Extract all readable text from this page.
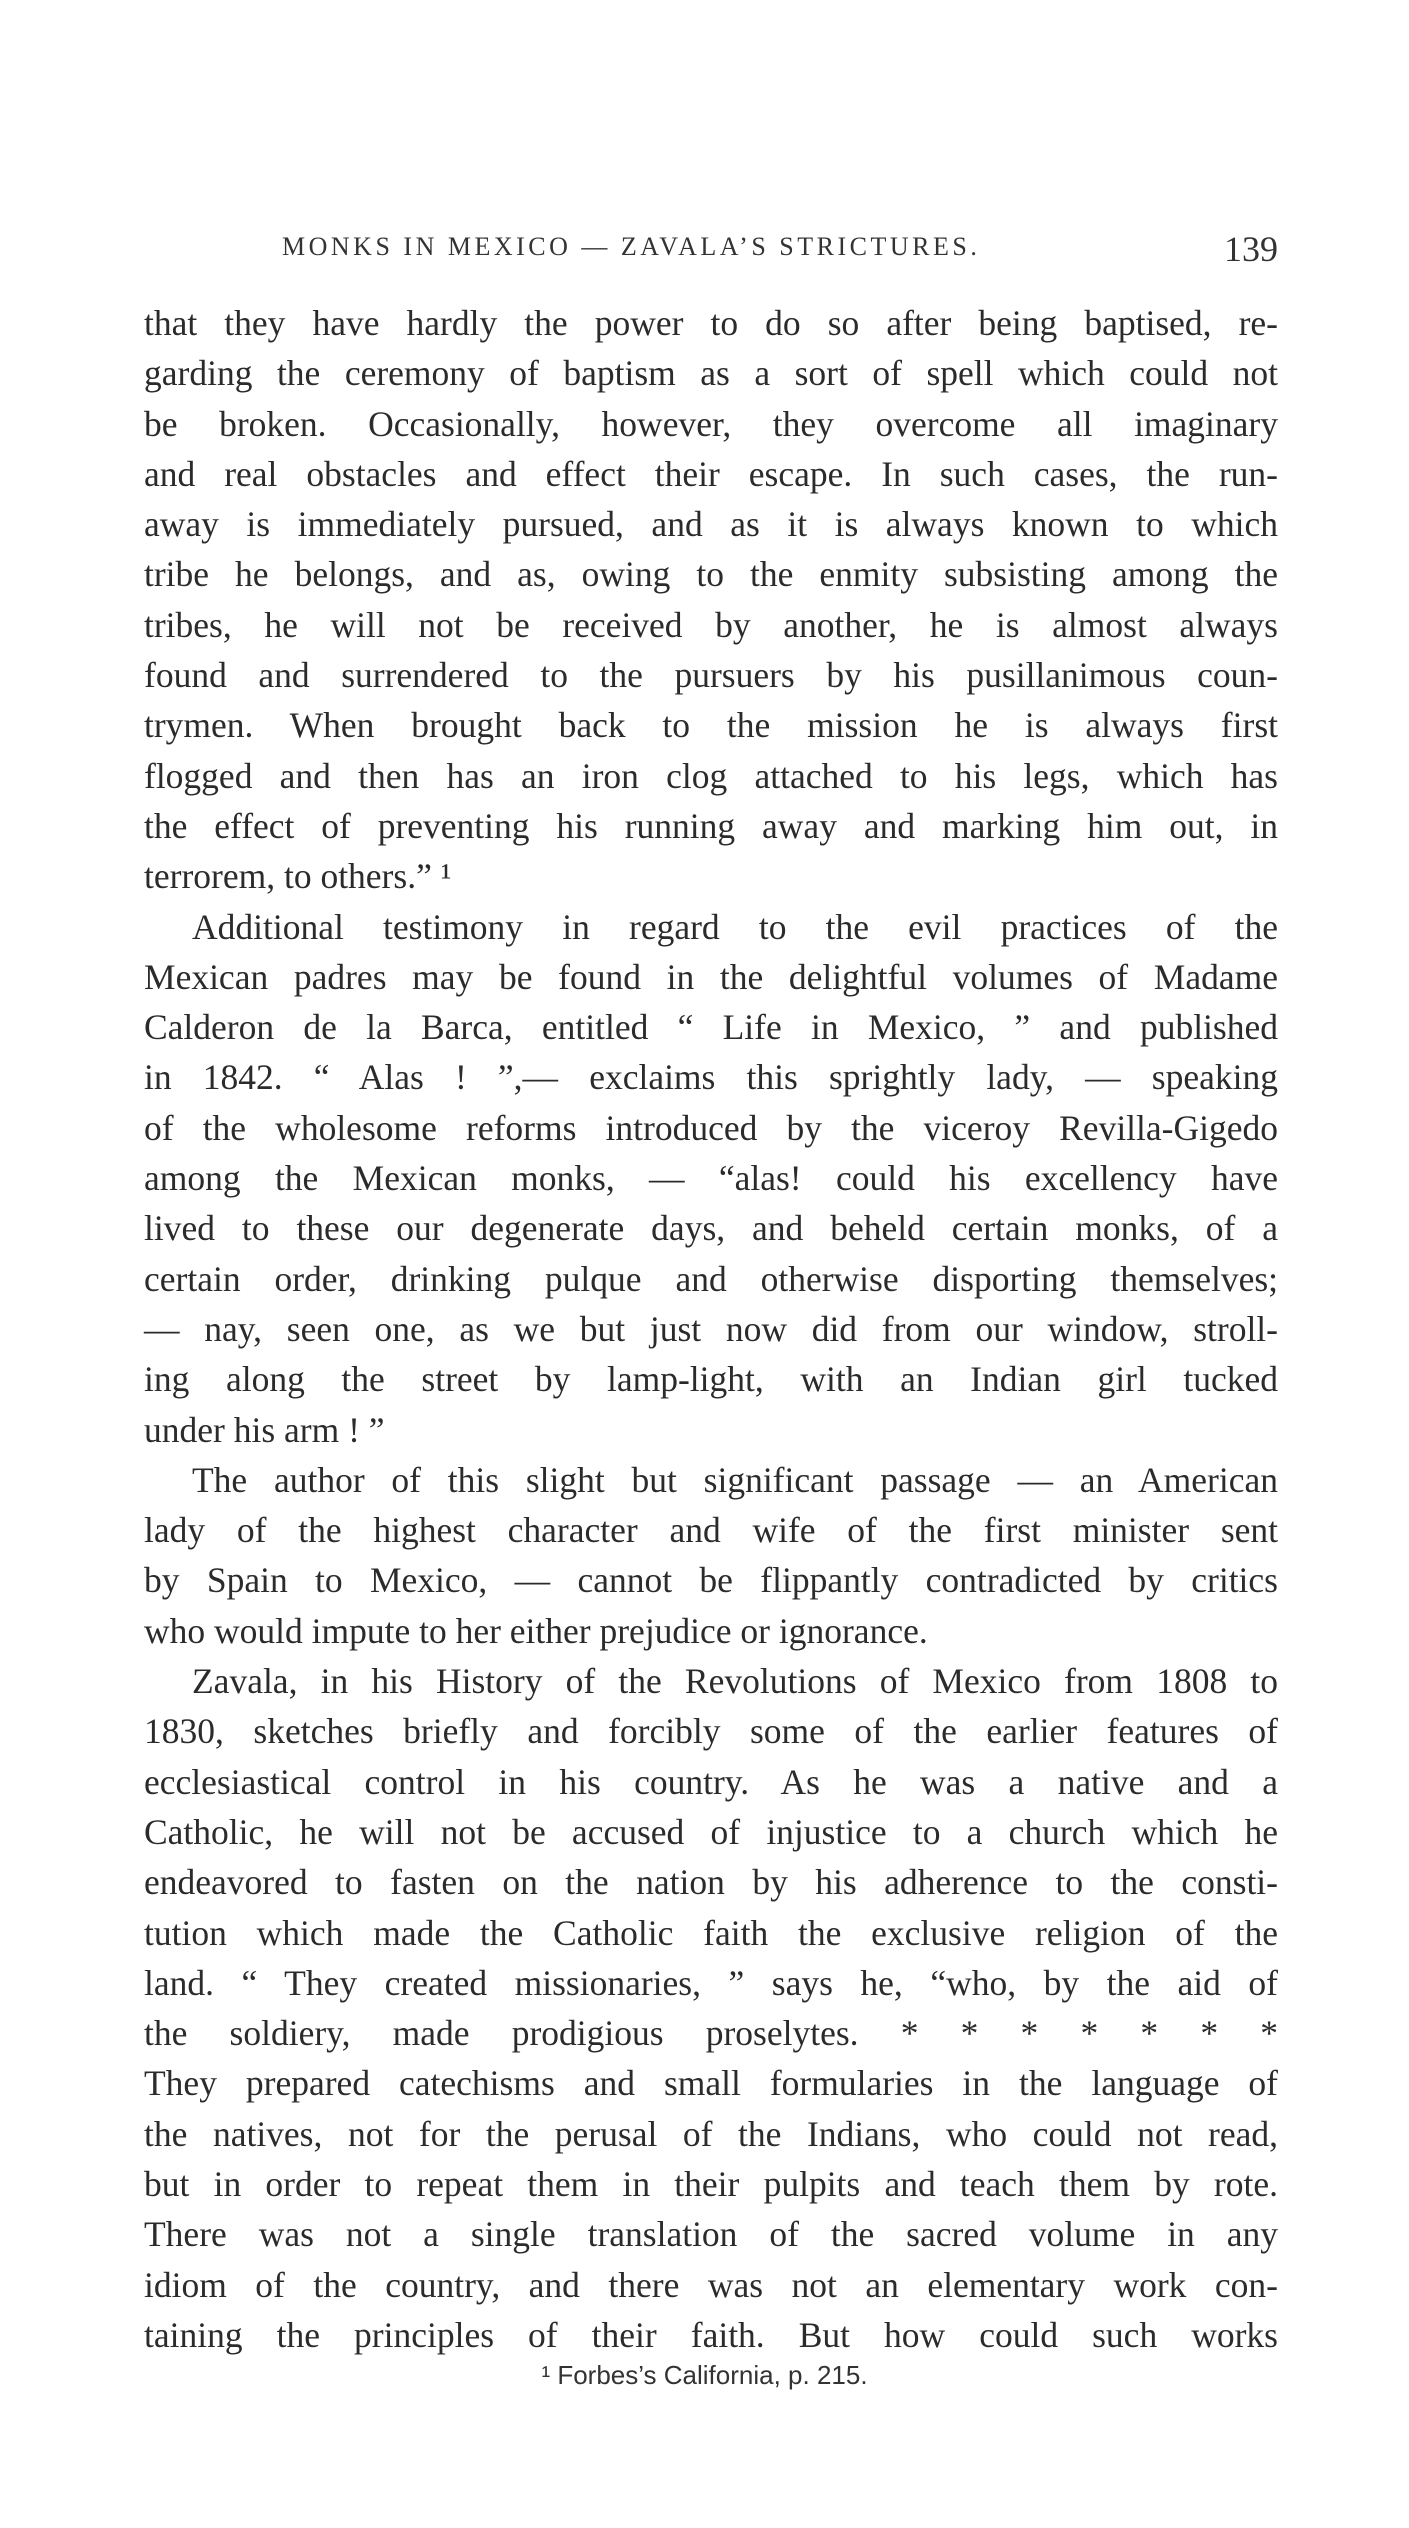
MONKS IN MEXICO — ZAVALA’S STRICTURES.	139
that they have hardly the power to do so after being baptised, re-
garding the ceremony of baptism as a sort of spell which could not
be broken. Occasionally, however, they overcome all imaginary
and real obstacles and effect their escape. In such cases, the run-
away is immediately pursued, and as it is always known to which
tribe he belongs, and as, owing to the enmity subsisting among the
tribes, he will not be received by another, he is almost always
found and surrendered to the pursuers by his pusillanimous coun-
trymen. When brought back to the mission he is always first
flogged and then has an iron clog attached to his legs, which has
the effect of preventing his running away and marking him out, in
terrorem, to others.” ¹
Additional testimony in regard to the evil practices of the
Mexican padres may be found in the delightful volumes of Madame
Calderon de la Barca, entitled “ Life in Mexico, ” and published
in 1842. “ Alas ! ”,— exclaims this sprightly lady, — speaking
of the wholesome reforms introduced by the viceroy Revilla-Gigedo
among the Mexican monks, — “alas! could his excellency have
lived to these our degenerate days, and beheld certain monks, of a
certain order, drinking pulque and otherwise disporting themselves;
— nay, seen one, as we but just now did from our window, stroll-
ing along the street by lamp-light, with an Indian girl tucked
under his arm ! ”
The author of this slight but significant passage — an American
lady of the highest character and wife of the first minister sent
by Spain to Mexico, — cannot be flippantly contradicted by critics
who would impute to her either prejudice or ignorance.
Zavala, in his History of the Revolutions of Mexico from 1808 to
1830, sketches briefly and forcibly some of the earlier features of
ecclesiastical control in his country. As he was a native and a
Catholic, he will not be accused of injustice to a church which he
endeavored to fasten on the nation by his adherence to the consti-
tution which made the Catholic faith the exclusive religion of the
land. “ They created missionaries, ” says he, “who, by the aid of
the soldiery, made prodigious proselytes. * * * * * * *
They prepared catechisms and small formularies in the language of
the natives, not for the perusal of the Indians, who could not read,
but in order to repeat them in their pulpits and teach them by rote.
There was not a single translation of the sacred volume in any
idiom of the country, and there was not an elementary work con-
taining the principles of their faith. But how could such works
¹ Forbes’s California, p. 215.
